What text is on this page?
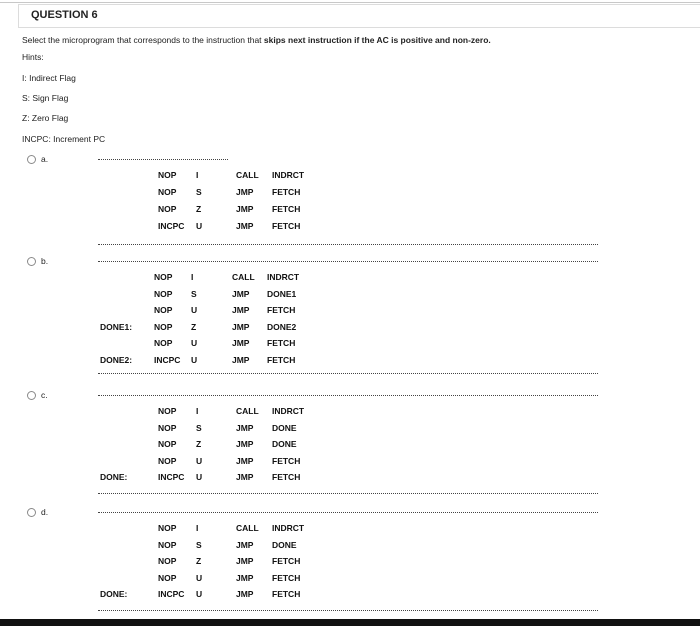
QUESTION 6
Select the microprogram that corresponds to the instruction that skips next instruction if the AC is positive and non-zero.
Hints:
I: Indirect Flag
S: Sign Flag
Z: Zero Flag
INCPC: Increment PC
a.
NOP I	CALL INDRCT
NOP S	JMP FETCH
NOP Z	JMP FETCH
INCPC U	JMP FETCH
b.
NOP I	CALL INDRCT
NOP S	JMP DONE1
NOP U	JMP FETCH
DONE1:	NOP Z	JMP DONE2
NOP U	JMP FETCH
DONE2:	INCPC U	JMP FETCH
c.
NOP I	CALL INDRCT
NOP S	JMP DONE
NOP Z	JMP DONE
NOP U	JMP FETCH
DONE:	INCPC U	JMP FETCH
d.
NOP I	CALL INDRCT
NOP S	JMP DONE
NOP Z	JMP FETCH
NOP U	JMP FETCH
DONE:	INCPC U	JMP FETCH
